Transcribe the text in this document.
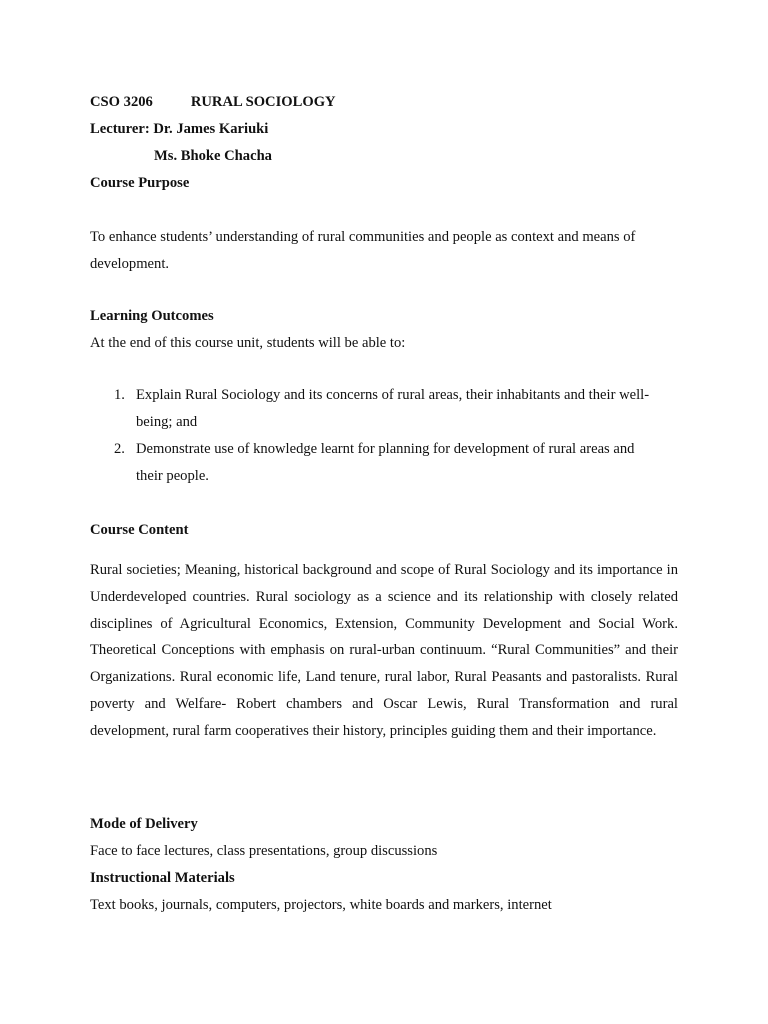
CSO 3206	RURAL SOCIOLOGY
Lecturer: Dr. James Kariuki
Ms. Bhoke Chacha
Course Purpose
To enhance students’ understanding of rural communities and people as context and means of
development.
Learning Outcomes
At the end of this course unit, students will be able to:
1. Explain Rural Sociology and its concerns of rural areas, their inhabitants and their well-
being; and
2. Demonstrate use of knowledge learnt for planning for development of rural areas and
their people.
Course Content
Rural societies; Meaning, historical background and scope of Rural Sociology and its importance in Underdeveloped countries. Rural sociology as a science and its relationship with closely related disciplines of Agricultural Economics, Extension, Community Development and Social Work. Theoretical Conceptions with emphasis on rural-urban continuum. “Rural Communities” and their Organizations. Rural economic life, Land tenure, rural labor, Rural Peasants and pastoralists. Rural poverty and Welfare- Robert chambers and Oscar Lewis, Rural Transformation and rural development, rural farm cooperatives their history, principles guiding them and their importance.
Mode of Delivery
Face to face lectures, class presentations, group discussions
Instructional Materials
Text books, journals, computers, projectors, white boards and markers, internet
